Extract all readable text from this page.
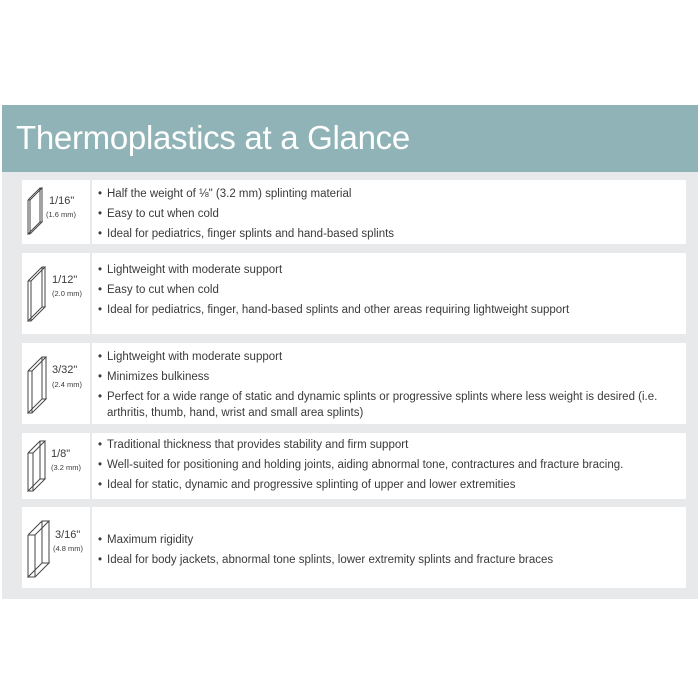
Thermoplastics at a Glance
1/16"
(1.6 mm)
• Half the weight of ⅛" (3.2 mm) splinting material
• Easy to cut when cold
• Ideal for pediatrics, finger splints and hand-based splints
1/12"
(2.0 mm)
• Lightweight with moderate support
• Easy to cut when cold
• Ideal for pediatrics, finger, hand-based splints and other areas requiring lightweight support
3/32"
(2.4 mm)
• Lightweight with moderate support
• Minimizes bulkiness
• Perfect for a wide range of static and dynamic splints or progressive splints where less weight is desired (i.e. arthritis, thumb, hand, wrist and small area splints)
1/8"
(3.2 mm)
• Traditional thickness that provides stability and firm support
• Well-suited for positioning and holding joints, aiding abnormal tone, contractures and fracture bracing.
• Ideal for static, dynamic and progressive splinting of upper and lower extremities
3/16"
(4.8 mm)
• Maximum rigidity
• Ideal for body jackets, abnormal tone splints, lower extremity splints and fracture braces
